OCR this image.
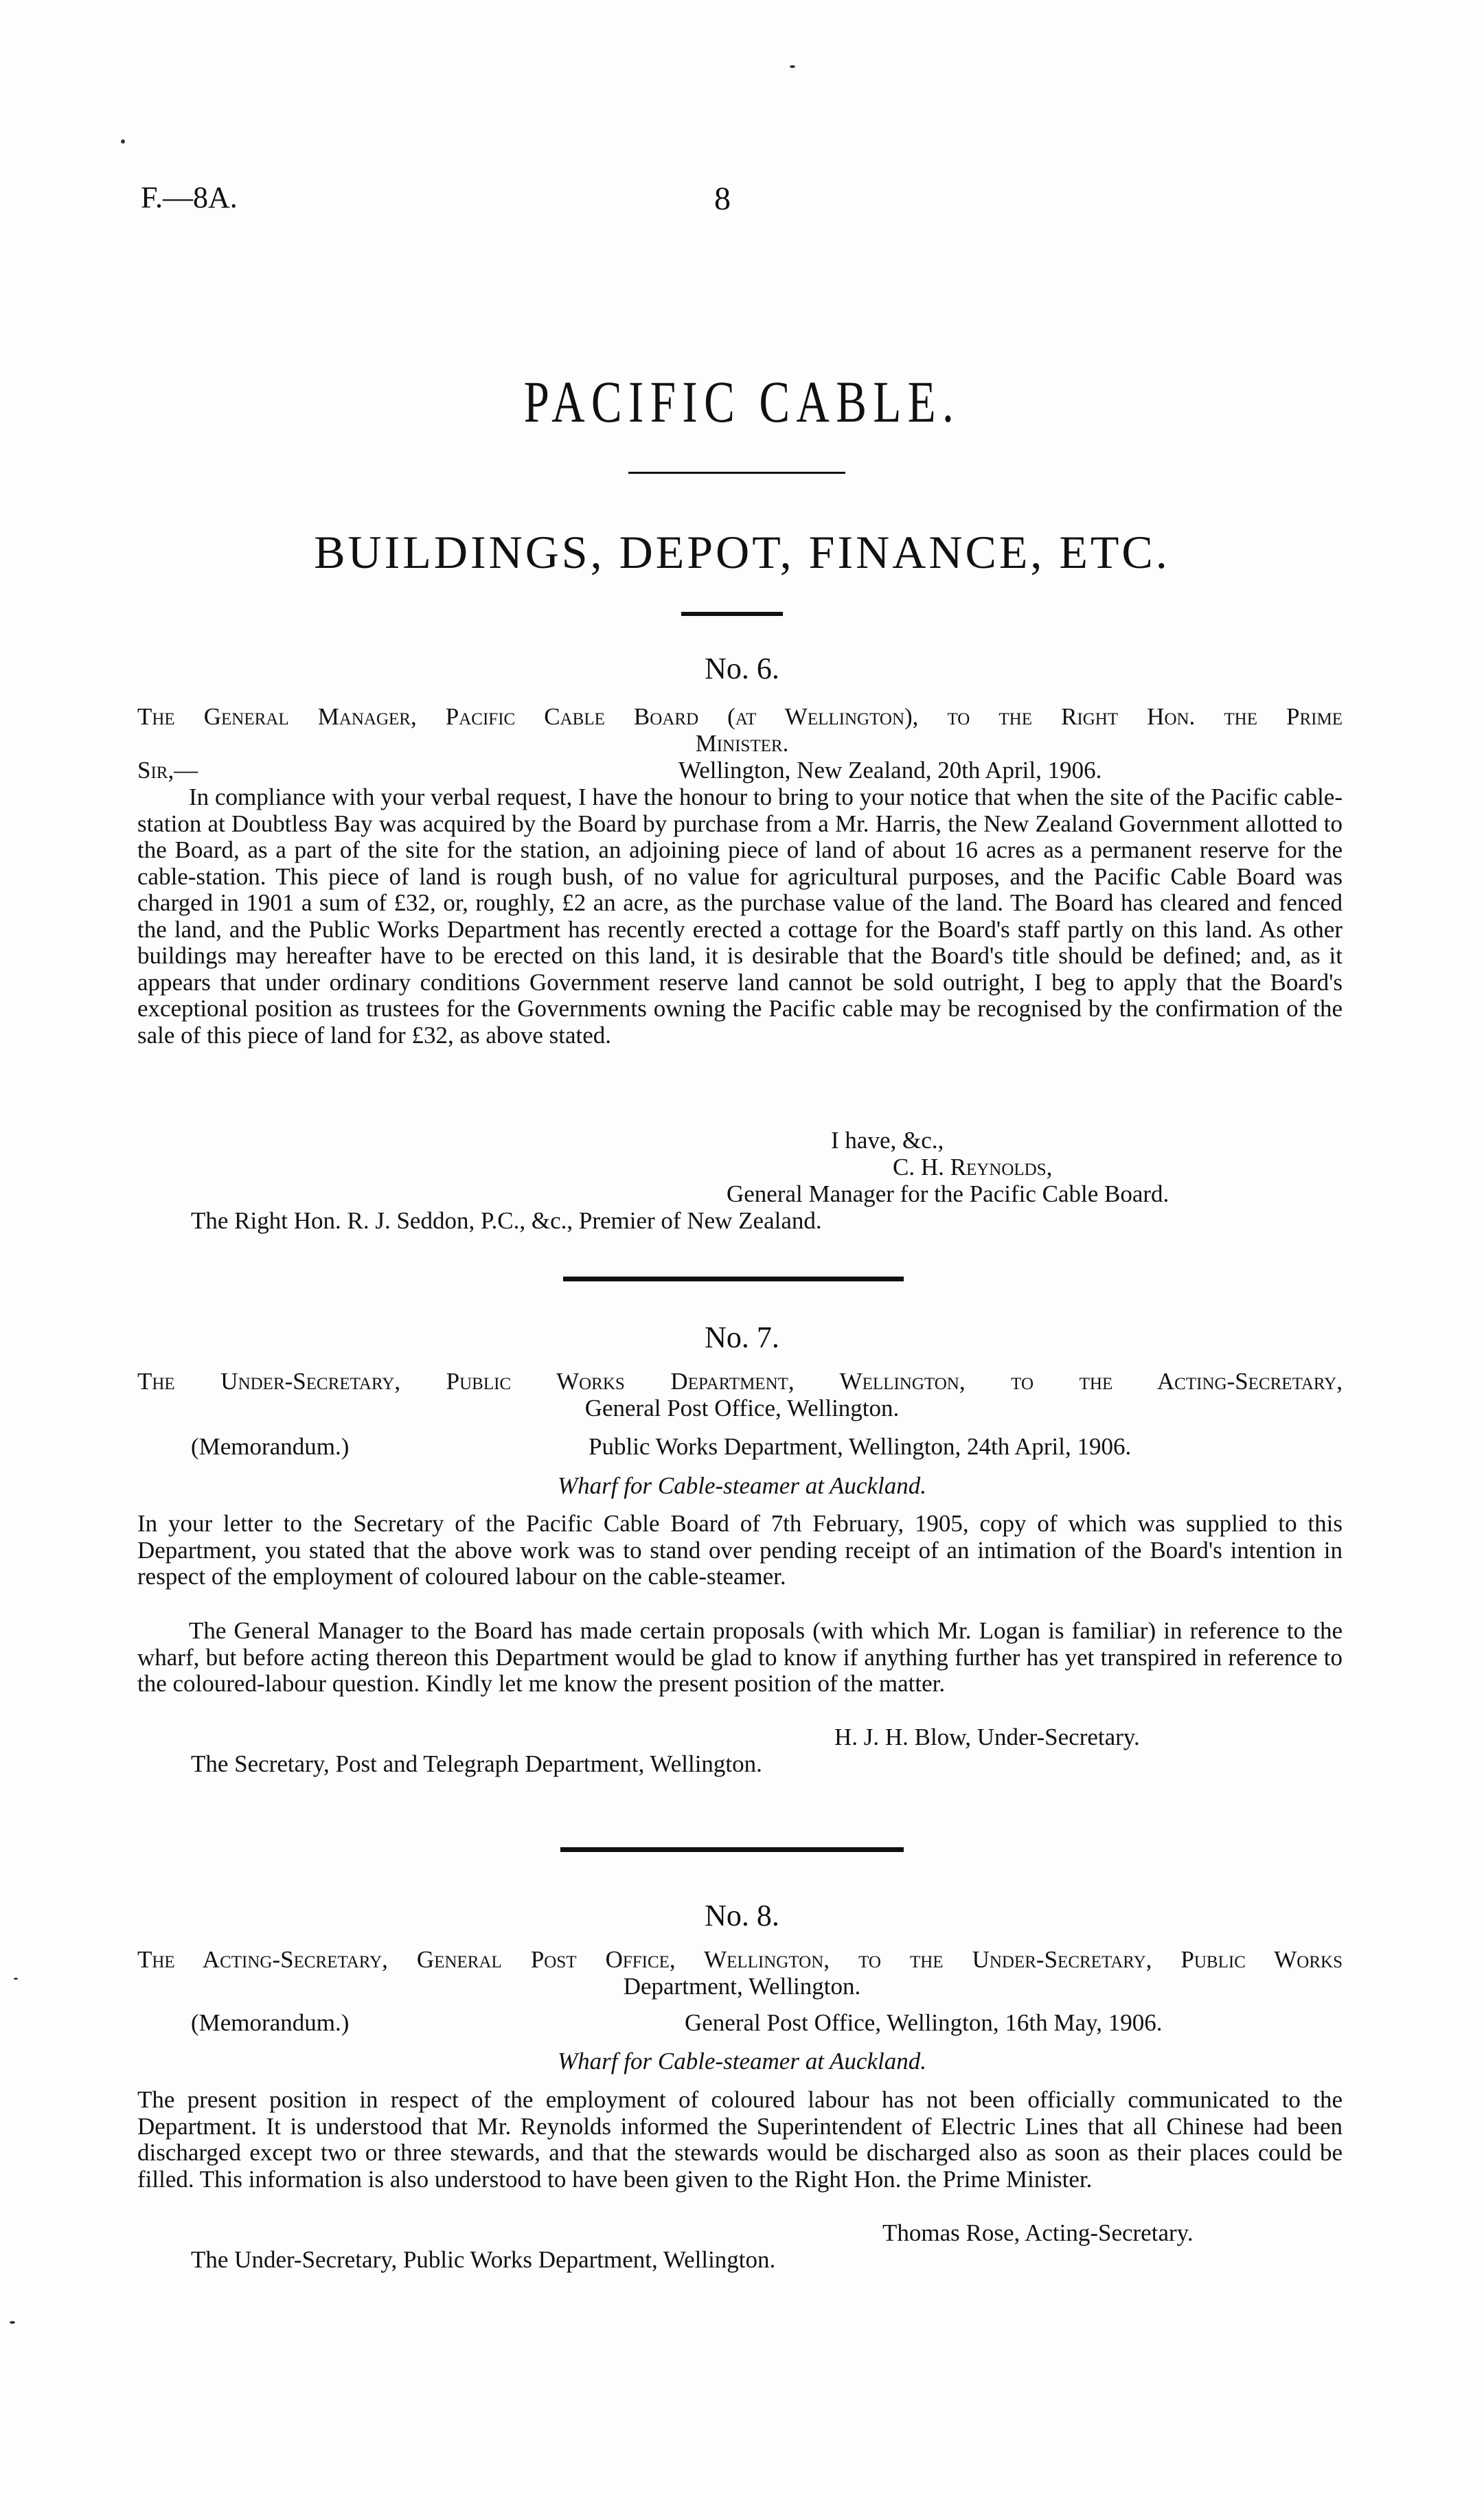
F.—8A.	8
PACIFIC CABLE.
BUILDINGS, DEPOT, FINANCE, ETC.
No. 6.
The General Manager, Pacific Cable Board (at Wellington), to the Right Hon. the Prime
Minister.
Sir,—	Wellington, New Zealand, 20th April, 1906.

In compliance with your verbal request, I have the honour to bring to your notice that when the site of the Pacific cable-station at Doubtless Bay was acquired by the Board by purchase from a Mr. Harris, the New Zealand Government allotted to the Board, as a part of the site for the station, an adjoining piece of land of about 16 acres as a permanent reserve for the cable-station. This piece of land is rough bush, of no value for agricultural purposes, and the Pacific Cable Board was charged in 1901 a sum of £32, or, roughly, £2 an acre, as the purchase value of the land. The Board has cleared and fenced the land, and the Public Works Department has recently erected a cottage for the Board's staff partly on this land. As other buildings may hereafter have to be erected on this land, it is desirable that the Board's title should be defined; and, as it appears that under ordinary conditions Government reserve land cannot be sold outright, I beg to apply that the Board's exceptional position as trustees for the Governments owning the Pacific cable may be recognised by the confirmation of the sale of this piece of land for £32, as above stated.

I have, &c.,
C. H. Reynolds,
General Manager for the Pacific Cable Board.
The Right Hon. R. J. Seddon, P.C., &c., Premier of New Zealand.
No. 7.
The Under-Secretary, Public Works Department, Wellington, to the Acting-Secretary,
General Post Office, Wellington.
(Memorandum.)	Public Works Department, Wellington, 24th April, 1906.
Wharf for Cable-steamer at Auckland.

In your letter to the Secretary of the Pacific Cable Board of 7th February, 1905, copy of which was supplied to this Department, you stated that the above work was to stand over pending receipt of an intimation of the Board's intention in respect of the employment of coloured labour on the cable-steamer.

The General Manager to the Board has made certain proposals (with which Mr. Logan is familiar) in reference to the wharf, but before acting thereon this Department would be glad to know if anything further has yet transpired in reference to the coloured-labour question. Kindly let me know the present position of the matter.

H. J. H. Blow, Under-Secretary.
The Secretary, Post and Telegraph Department, Wellington.
No. 8.
The Acting-Secretary, General Post Office, Wellington, to the Under-Secretary, Public Works
Department, Wellington.
(Memorandum.)	General Post Office, Wellington, 16th May, 1906.
Wharf for Cable-steamer at Auckland.

The present position in respect of the employment of coloured labour has not been officially communicated to the Department. It is understood that Mr. Reynolds informed the Superintendent of Electric Lines that all Chinese had been discharged except two or three stewards, and that the stewards would be discharged also as soon as their places could be filled. This information is also understood to have been given to the Right Hon. the Prime Minister.

Thomas Rose, Acting-Secretary.
The Under-Secretary, Public Works Department, Wellington.
